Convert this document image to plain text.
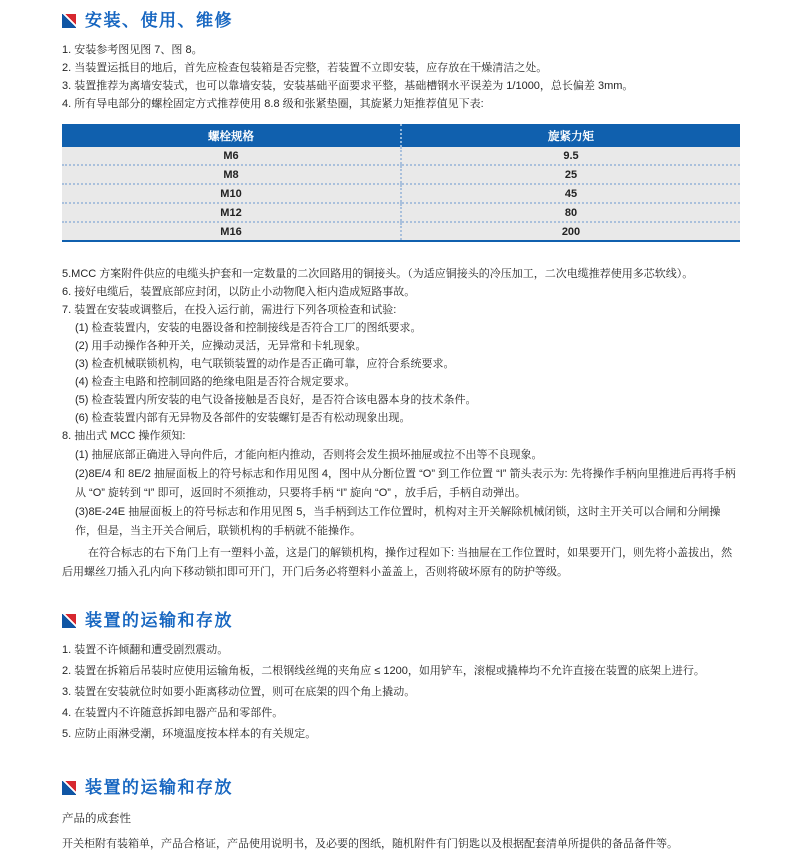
安装、使用、维修
1. 安装参考图见图 7、图 8。
2. 当装置运抵目的地后，首先应检查包装箱是否完整，若装置不立即安装，应存放在干燥清洁之处。
3. 装置推荐为离墙安装式，也可以靠墙安装，安装基础平面要求平整，基础槽钢水平误差为 1/1000，总长偏差 3mm。
4. 所有导电部分的螺栓固定方式推荐使用 8.8 级和张紧垫圈，其旋紧力矩推荐值见下表:
螺栓规格	旋紧力矩
M6	9.5
M8	25
M10	45
M12	80
M16	200
5.MCC 方案附件供应的电缆头护套和一定数量的二次回路用的铜接头。（为适应铜接头的冷压加工，二次电缆推荐使用多芯软线）。
6. 接好电缆后，装置底部应封闭，以防止小动物爬入柜内造成短路事故。
7. 装置在安装或调整后，在投入运行前，需进行下列各项检查和试验:
(1) 检查装置内，安装的电器设备和控制接线是否符合工厂的图纸要求。
(2) 用手动操作各种开关，应操动灵活，无异常和卡轧现象。
(3) 检查机械联锁机构，电气联锁装置的动作是否正确可靠，应符合系统要求。
(4) 检查主电路和控制回路的绝缘电阻是否符合规定要求。
(5) 检查装置内所安装的电气设备接触是否良好，是否符合该电器本身的技术条件。
(6) 检查装置内部有无异物及各部件的安装螺钉是否有松动现象出现。
8. 抽出式 MCC 操作须知:
(1) 抽屉底部正确进入导向件后，才能向柜内推动，否则将会发生损坏抽屉或拉不出等不良现象。
(2)8E/4 和 8E/2 抽屉面板上的符号标志和作用见图 4，图中从分断位置 “O” 到工作位置 “I” 箭头表示为: 先将操作手柄向里推进后再将手柄从 “O” 旋转到 “I” 即可，返回时不须推动，只要将手柄 “I” 旋向 “O” ，放手后，手柄自动弹出。
(3)8E-24E 抽屉面板上的符号标志和作用见图 5，当手柄到达工作位置时，机构对主开关解除机械闭锁，这时主开关可以合闸和分闸操作，但是，当主开关合闸后，联锁机构的手柄就不能操作。
在符合标志的右下角门上有一塑料小盖，这是门的解锁机构，操作过程如下: 当抽屉在工作位置时，如果要开门，则先将小盖拔出，然后用螺丝刀插入孔内向下移动锁扣即可开门，开门后务必将塑料小盖盖上，否则将破坏原有的防护等级。
装置的运输和存放
1. 装置不许倾翻和遭受剧烈震动。
2. 装置在拆箱后吊装时应使用运输角板，二根钢线丝绳的夹角应 ≤ 1200，如用铲车，滚棍或撬棒均不允许直接在装置的底架上进行。
3. 装置在安装就位时如要小距离移动位置，则可在底架的四个角上撬动。
4. 在装置内不许随意拆卸电器产品和零部件。
5. 应防止雨淋受潮，环境温度按本样本的有关规定。
装置的运输和存放
产品的成套性
开关柜附有装箱单，产品合格证，产品使用说明书，及必要的图纸，随机附件有门钥匙以及根据配套清单所提供的备品备件等。
